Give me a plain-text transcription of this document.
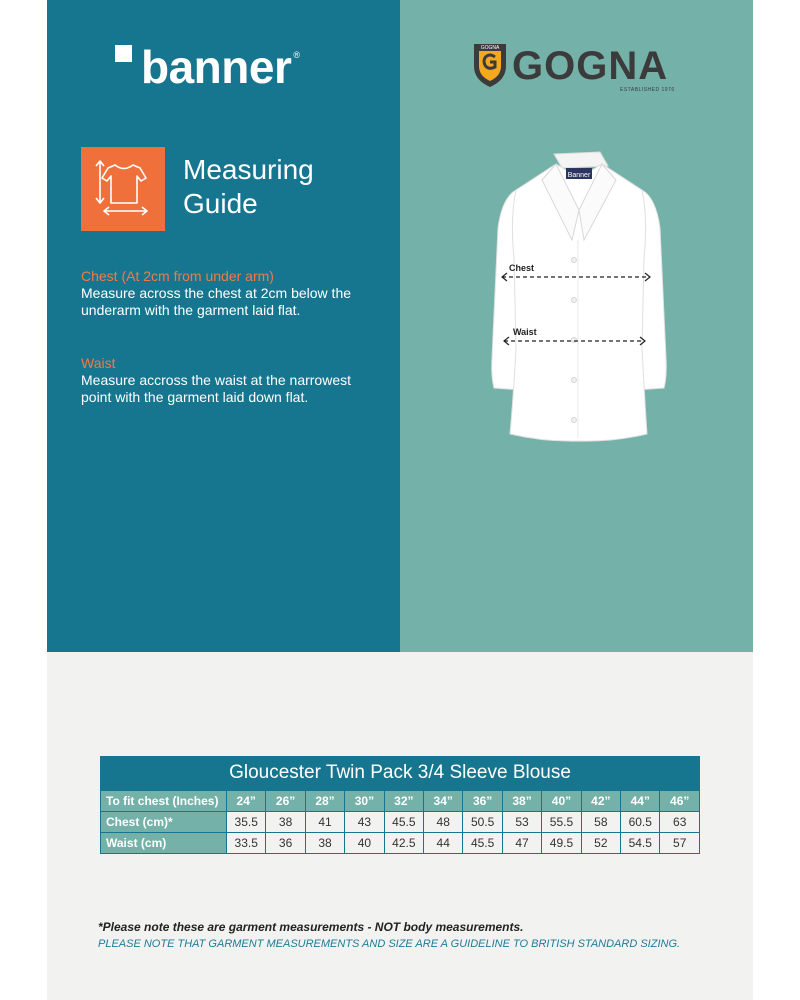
banner ®
Measuring
Guide
Chest (At 2cm from under arm)
Measure across the chest at 2cm below the underarm with the garment laid flat.
Waist
Measure accross the waist at the narrowest point with the garment laid down flat.
GOGNA GOGNA
ESTABLISHED 1976
Banner
Chest
Waist
Gloucester Twin Pack 3/4 Sleeve Blouse
To fit chest (Inches)	24”	26”	28”	30”	32”	34”	36”	38”	40”	42”	44”	46”
Chest (cm)*	35.5	38	41	43	45.5	48	50.5	53	55.5	58	60.5	63
Waist (cm)	33.5	36	38	40	42.5	44	45.5	47	49.5	52	54.5	57
*Please note these are garment measurements - NOT body measurements.
PLEASE NOTE THAT GARMENT MEASUREMENTS AND SIZE ARE A GUIDELINE TO BRITISH STANDARD SIZING.
